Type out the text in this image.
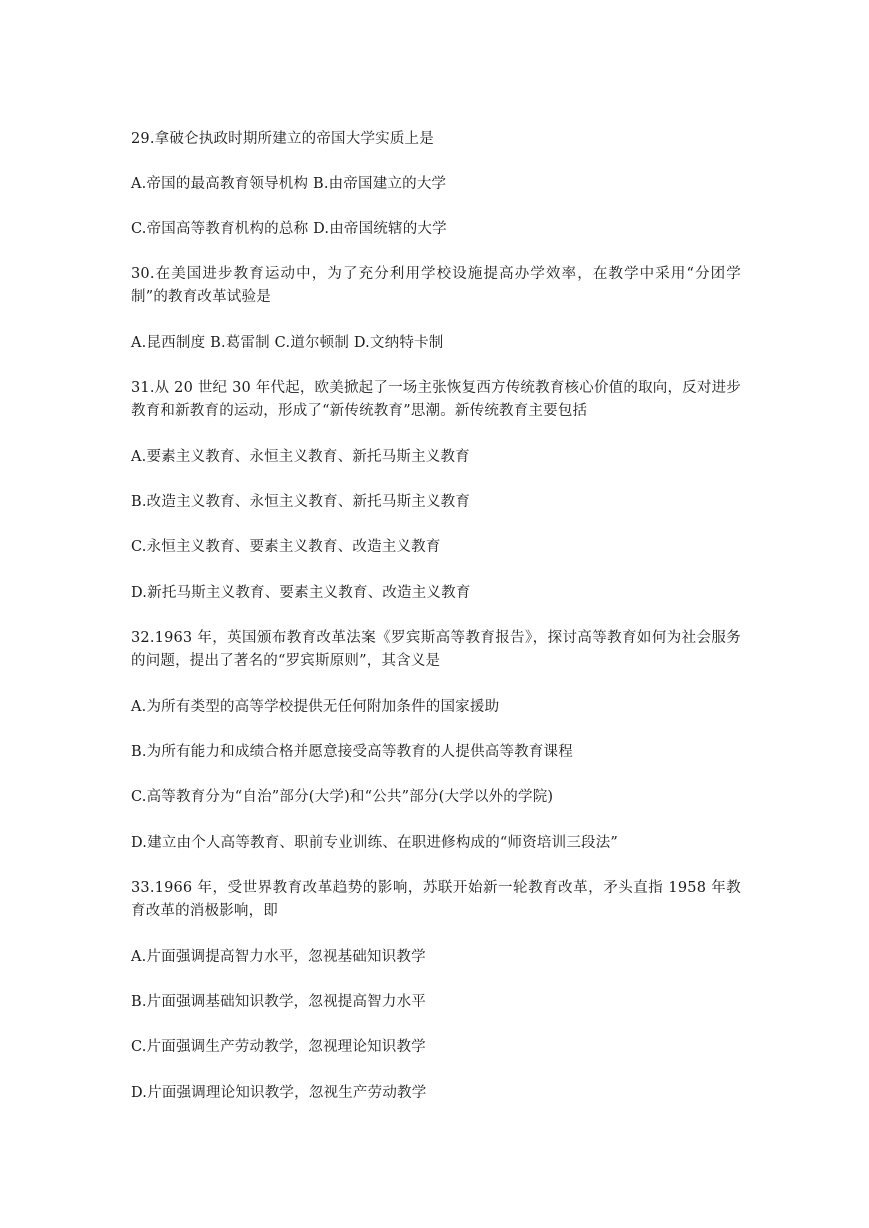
29.拿破仑执政时期所建立的帝国大学实质上是
A.帝国的最高教育领导机构 B.由帝国建立的大学
C.帝国高等教育机构的总称 D.由帝国统辖的大学
30.在美国进步教育运动中，为了充分利用学校设施提高办学效率，在教学中采用“分团学制”的教育改革试验是
A.昆西制度 B.葛雷制 C.道尔顿制 D.文纳特卡制
31.从 20 世纪 30 年代起，欧美掀起了一场主张恢复西方传统教育核心价值的取向，反对进步教育和新教育的运动，形成了“新传统教育”思潮。新传统教育主要包括
A.要素主义教育、永恒主义教育、新托马斯主义教育
B.改造主义教育、永恒主义教育、新托马斯主义教育
C.永恒主义教育、要素主义教育、改造主义教育
D.新托马斯主义教育、要素主义教育、改造主义教育
32.1963 年，英国颁布教育改革法案《罗宾斯高等教育报告》，探讨高等教育如何为社会服务的问题，提出了著名的“罗宾斯原则”，其含义是
A.为所有类型的高等学校提供无任何附加条件的国家援助
B.为所有能力和成绩合格并愿意接受高等教育的人提供高等教育课程
C.高等教育分为“自治”部分(大学)和“公共”部分(大学以外的学院)
D.建立由个人高等教育、职前专业训练、在职进修构成的“师资培训三段法”
33.1966 年，受世界教育改革趋势的影响，苏联开始新一轮教育改革，矛头直指 1958 年教育改革的消极影响，即
A.片面强调提高智力水平，忽视基础知识教学
B.片面强调基础知识教学，忽视提高智力水平
C.片面强调生产劳动教学，忽视理论知识教学
D.片面强调理论知识教学，忽视生产劳动教学
